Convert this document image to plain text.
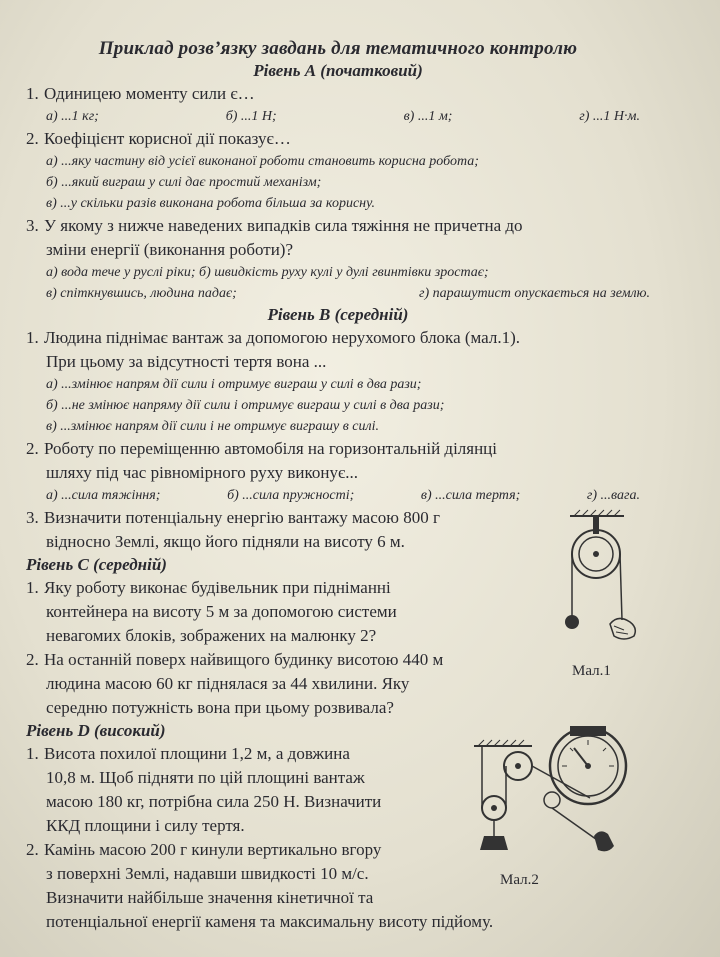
Приклад розв’язку завдань для тематичного контролю
Рівень А (початковий)
1. Одиницею моменту сили є…
а) ...1 кг;	б) ...1 Н;	в) ...1 м;	г) ...1 Н·м.
2. Коефіцієнт корисної дії показує…
а) ...яку частину від усієї виконаної роботи становить корисна робота;
б) ...який виграш у силі дає простий механізм;
в) ...у скільки разів виконана робота більша за корисну.
3. У якому з нижче наведених випадків сила тяжіння не причетна до
зміни енергії (виконання роботи)?
а) вода тече у руслі ріки; б) швидкість руху кулі у дулі гвинтівки зростає;
в) спіткнувшись, людина падає;	г) парашутист опускається на землю.
Рівень В (середній)
1. Людина піднімає вантаж за допомогою нерухомого блока (мал.1).
При цьому за відсутності тертя вона ...
а) ...змінює напрям дії сили і отримує виграш у силі в два рази;
б) ...не змінює напряму дії сили і отримує виграш у силі в два рази;
в) ...змінює напрям дії сили і не отримує виграшу в силі.
2. Роботу по переміщенню автомобіля на горизонтальній ділянці
шляху під час рівномірного руху виконує...
а) ...сила тяжіння;	б) ...сила пружності;	в) ...сила тертя;	г) ...вага.
3. Визначити потенціальну енергію вантажу масою 800 г
відносно Землі, якщо його підняли на висоту 6 м.
Рівень С (середній)
1. Яку роботу виконає будівельник при підніманні
контейнера на висоту 5 м за допомогою системи
невагомих блоків, зображених на малюнку 2?
2. На останній поверх найвищого будинку висотою 440 м
людина масою 60 кг піднялася за 44 хвилини. Яку
середню потужність вона при цьому розвивала?
Рівень D (високий)
1. Висота похилої площини 1,2 м, а довжина
10,8 м. Щоб підняти по цій площині вантаж
масою 180 кг, потрібна сила 250 Н. Визначити
ККД площини і силу тертя.
2. Камінь масою 200 г кинули вертикально вгору
з поверхні Землі, надавши швидкості 10 м/с.
Визначити найбільше значення кінетичної та
потенціальної енергії каменя та максимальну висоту підйому.
Мал.1
Мал.2
